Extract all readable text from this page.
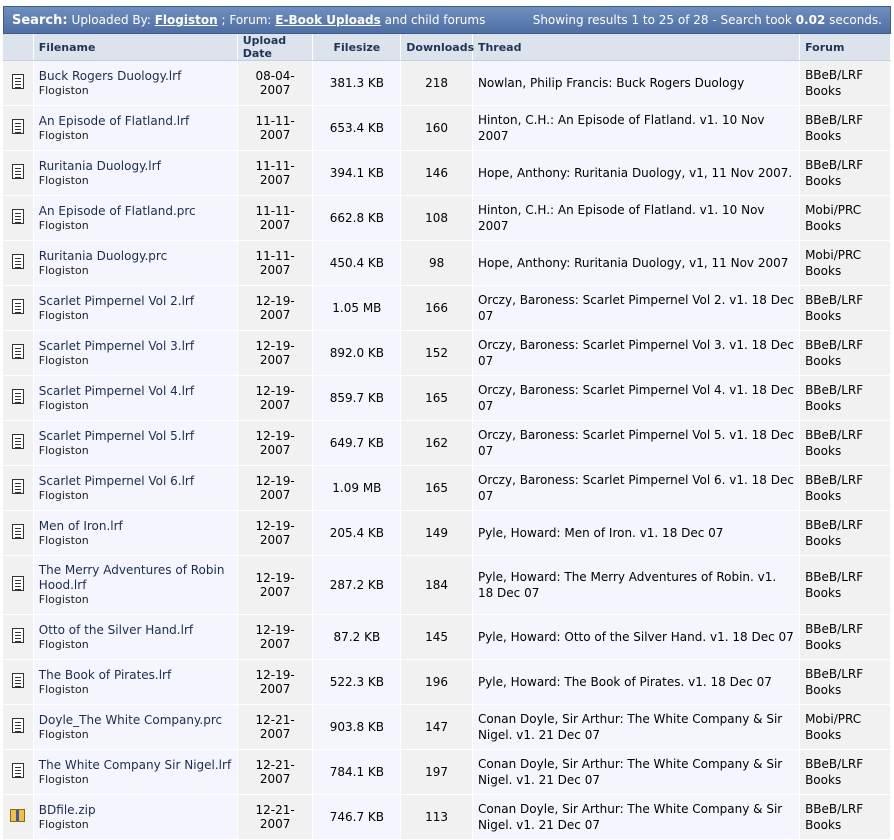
Search: Uploaded By:
Flogiston
; Forum:
E-Book Uploads
and child forums	Showing results 1 to 25 of 28 - Search took 0.02 seconds.
	Filename	Upload Date	Filesize	Downloads	Thread	Forum

	Buck Rogers Duology.lrf
Flogiston	08-04-2007	381.3 KB	218	Nowlan, Philip Francis: Buck Rogers Duology	BBeB/LRF Books

	An Episode of Flatland.lrf
Flogiston	11-11-2007	653.4 KB	160	Hinton, C.H.: An Episode of Flatland. v1. 10 Nov 2007	BBeB/LRF Books

	Ruritania Duology.lrf
Flogiston	11-11-2007	394.1 KB	146	Hope, Anthony: Ruritania Duology, v1, 11 Nov 2007.	BBeB/LRF Books

	An Episode of Flatland.prc
Flogiston	11-11-2007	662.8 KB	108	Hinton, C.H.: An Episode of Flatland. v1. 10 Nov 2007	Mobi/PRC Books

	Ruritania Duology.prc
Flogiston	11-11-2007	450.4 KB	98	Hope, Anthony: Ruritania Duology, v1, 11 Nov 2007	Mobi/PRC Books

	Scarlet Pimpernel Vol 2.lrf
Flogiston	12-19-2007	1.05 MB	166	Orczy, Baroness: Scarlet Pimpernel Vol 2. v1. 18 Dec 07	BBeB/LRF Books

	Scarlet Pimpernel Vol 3.lrf
Flogiston	12-19-2007	892.0 KB	152	Orczy, Baroness: Scarlet Pimpernel Vol 3. v1. 18 Dec 07	BBeB/LRF Books

	Scarlet Pimpernel Vol 4.lrf
Flogiston	12-19-2007	859.7 KB	165	Orczy, Baroness: Scarlet Pimpernel Vol 4. v1. 18 Dec 07	BBeB/LRF Books

	Scarlet Pimpernel Vol 5.lrf
Flogiston	12-19-2007	649.7 KB	162	Orczy, Baroness: Scarlet Pimpernel Vol 5. v1. 18 Dec 07	BBeB/LRF Books

	Scarlet Pimpernel Vol 6.lrf
Flogiston	12-19-2007	1.09 MB	165	Orczy, Baroness: Scarlet Pimpernel Vol 6. v1. 18 Dec 07	BBeB/LRF Books

	Men of Iron.lrf
Flogiston	12-19-2007	205.4 KB	149	Pyle, Howard: Men of Iron. v1. 18 Dec 07	BBeB/LRF Books

	The Merry Adventures of Robin Hood.lrf
Flogiston	12-19-2007	287.2 KB	184	Pyle, Howard: The Merry Adventures of Robin. v1. 18 Dec 07	BBeB/LRF Books

	Otto of the Silver Hand.lrf
Flogiston	12-19-2007	87.2 KB	145	Pyle, Howard: Otto of the Silver Hand. v1. 18 Dec 07	BBeB/LRF Books

	The Book of Pirates.lrf
Flogiston	12-19-2007	522.3 KB	196	Pyle, Howard: The Book of Pirates. v1. 18 Dec 07	BBeB/LRF Books

	Doyle_The White Company.prc
Flogiston	12-21-2007	903.8 KB	147	Conan Doyle, Sir Arthur: The White Company & Sir Nigel. v1. 21 Dec 07	Mobi/PRC Books

	The White Company Sir Nigel.lrf
Flogiston	12-21-2007	784.1 KB	197	Conan Doyle, Sir Arthur: The White Company & Sir Nigel. v1. 21 Dec 07	BBeB/LRF Books

	BDfile.zip
Flogiston	12-21-2007	746.7 KB	113	Conan Doyle, Sir Arthur: The White Company & Sir Nigel. v1. 21 Dec 07	BBeB/LRF Books
